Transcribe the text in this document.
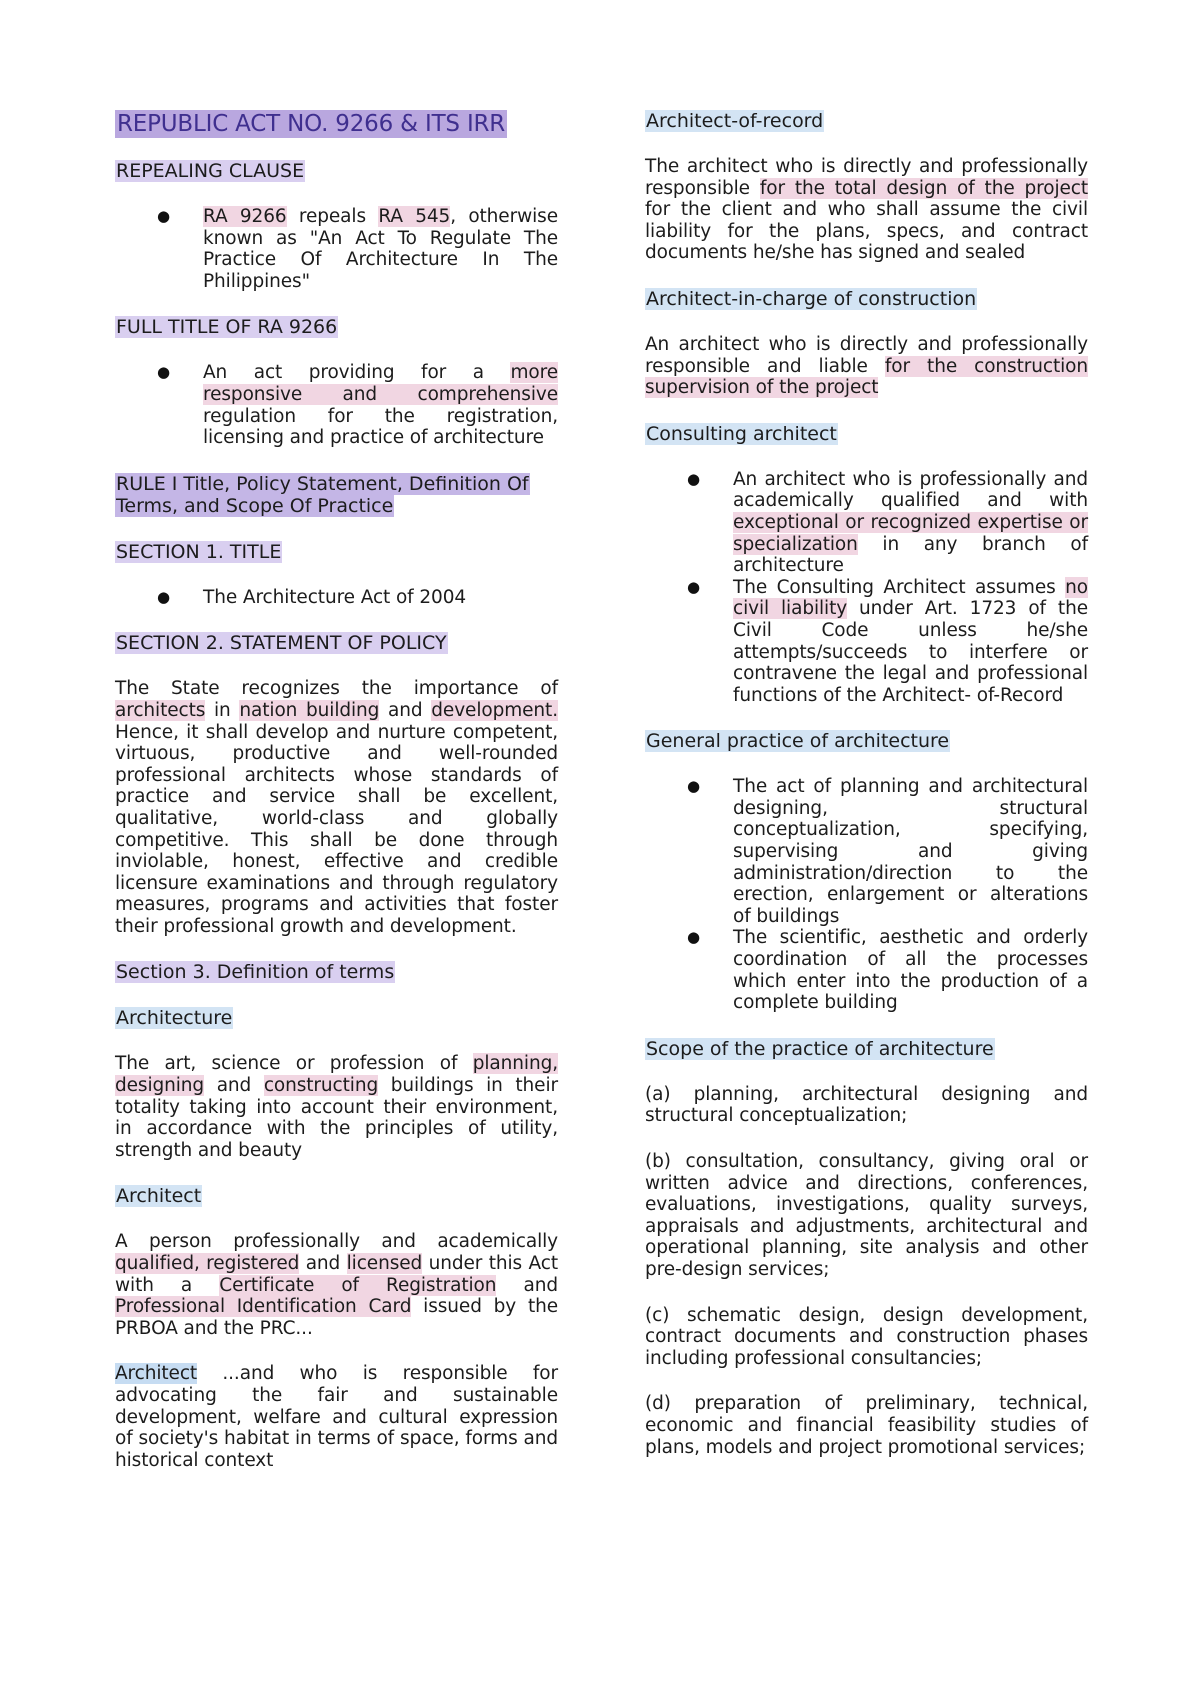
REPUBLIC ACT NO. 9266 & ITS IRR
REPEALING CLAUSE
● RA 9266 repeals RA 545, otherwise known as "An Act To Regulate The Practice Of Architecture In The Philippines"
FULL TITLE OF RA 9266
● An act providing for a more responsive and comprehensive regulation for the registration, licensing and practice of architecture
RULE I Title, Policy Statement, Definition Of Terms, and Scope Of Practice
SECTION 1. TITLE
● The Architecture Act of 2004
SECTION 2. STATEMENT OF POLICY

The State recognizes the importance of architects in nation building and development. Hence, it shall develop and nurture competent, virtuous, productive and well-rounded professional architects whose standards of practice and service shall be excellent, qualitative, world-class and globally competitive. This shall be done through inviolable, honest, effective and credible licensure examinations and through regulatory measures, programs and activities that foster their professional growth and development.

Section 3. Definition of terms
Architecture

The art, science or profession of planning, designing and constructing buildings in their totality taking into account their environment, in accordance with the principles of utility, strength and beauty

Architect

A person professionally and academically qualified, registered and licensed under this Act with a Certificate of Registration and Professional Identification Card issued by the PRBOA and the PRC...

Architect ...and who is responsible for advocating the fair and sustainable development, welfare and cultural expression of society's habitat in terms of space, forms and historical context

Architect-of-record

The architect who is directly and professionally responsible for the total design of the project for the client and who shall assume the civil liability for the plans, specs, and contract documents he/she has signed and sealed

Architect-in-charge of construction

An architect who is directly and professionally responsible and liable for the construction supervision of the project

Consulting architect
● An architect who is professionally and academically qualified and with exceptional or recognized expertise or specialization in any branch of architecture
● The Consulting Architect assumes no civil liability under Art. 1723 of the Civil Code unless he/she attempts/succeeds to interfere or contravene the legal and professional functions of the Architect- of-Record
General practice of architecture
● The act of planning and architectural designing, structural conceptualization, specifying, supervising and giving administration/direction to the erection, enlargement or alterations of buildings
● The scientific, aesthetic and orderly coordination of all the processes which enter into the production of a complete building
Scope of the practice of architecture

(a) planning, architectural designing and structural conceptualization;

(b) consultation, consultancy, giving oral or written advice and directions, conferences, evaluations, investigations, quality surveys, appraisals and adjustments, architectural and operational planning, site analysis and other pre-design services;

(c) schematic design, design development, contract documents and construction phases including professional consultancies;

(d) preparation of preliminary, technical, economic and financial feasibility studies of plans, models and project promotional services;
